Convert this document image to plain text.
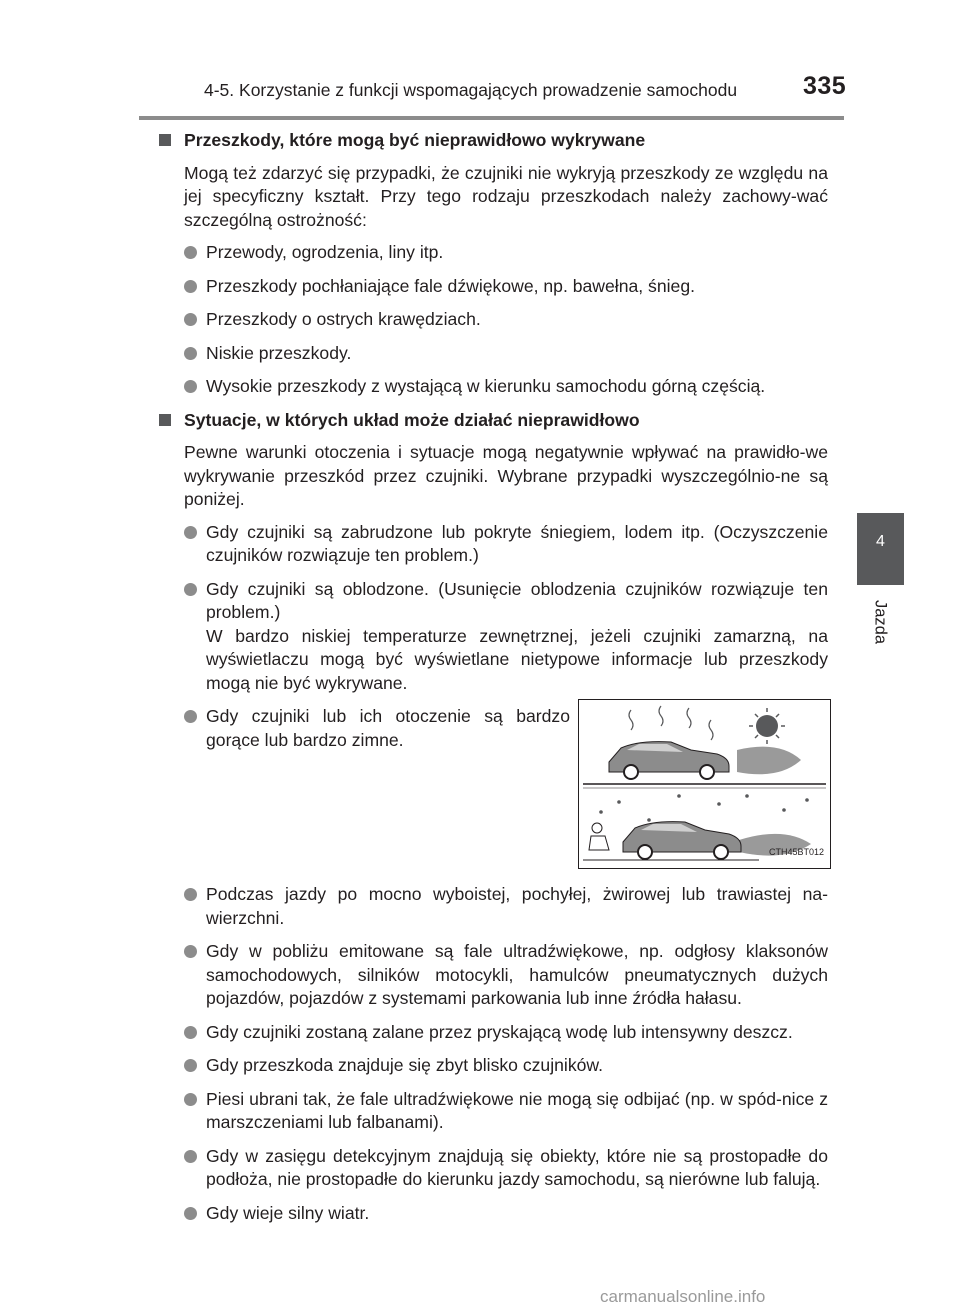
4-5. Korzystanie z funkcji wspomagających prowadzenie samochodu	335
4
Jazda
Przeszkody, które mogą być nieprawidłowo wykrywane
Mogą też zdarzyć się przypadki, że czujniki nie wykryją przeszkody ze względu na jej specyficzny kształt. Przy tego rodzaju przeszkodach należy zachowy-wać szczególną ostrożność:
Przewody, ogrodzenia, liny itp.
Przeszkody pochłaniające fale dźwiękowe, np. bawełna, śnieg.
Przeszkody o ostrych krawędziach.
Niskie przeszkody.
Wysokie przeszkody z wystającą w kierunku samochodu górną częścią.
Sytuacje, w których układ może działać nieprawidłowo
Pewne warunki otoczenia i sytuacje mogą negatywnie wpływać na prawidło-we wykrywanie przeszkód przez czujniki. Wybrane przypadki wyszczególnio-ne są poniżej.
Gdy czujniki są zabrudzone lub pokryte śniegiem, lodem itp. (Oczyszczenie czujników rozwiązuje ten problem.)
Gdy czujniki są oblodzone. (Usunięcie oblodzenia czujników rozwiązuje ten problem.)
W bardzo niskiej temperaturze zewnętrznej, jeżeli czujniki zamarzną, na wyświetlaczu mogą być wyświetlane nietypowe informacje lub przeszkody mogą nie być wykrywane.
Gdy czujniki lub ich otoczenie są bardzo gorące lub bardzo zimne.
CTH45BT012
Podczas jazdy po mocno wyboistej, pochyłej, żwirowej lub trawiastej na-wierzchni.
Gdy w pobliżu emitowane są fale ultradźwiękowe, np. odgłosy klaksonów samochodowych, silników motocykli, hamulców pneumatycznych dużych pojazdów, pojazdów z systemami parkowania lub inne źródła hałasu.
Gdy czujniki zostaną zalane przez pryskającą wodę lub intensywny deszcz.
Gdy przeszkoda znajduje się zbyt blisko czujników.
Piesi ubrani tak, że fale ultradźwiękowe nie mogą się odbijać (np. w spód-nice z marszczeniami lub falbanami).
Gdy w zasięgu detekcyjnym znajdują się obiekty, które nie są prostopadłe do podłoża, nie prostopadłe do kierunku jazdy samochodu, są nierówne lub falują.
Gdy wieje silny wiatr.
carmanualsonline.info
